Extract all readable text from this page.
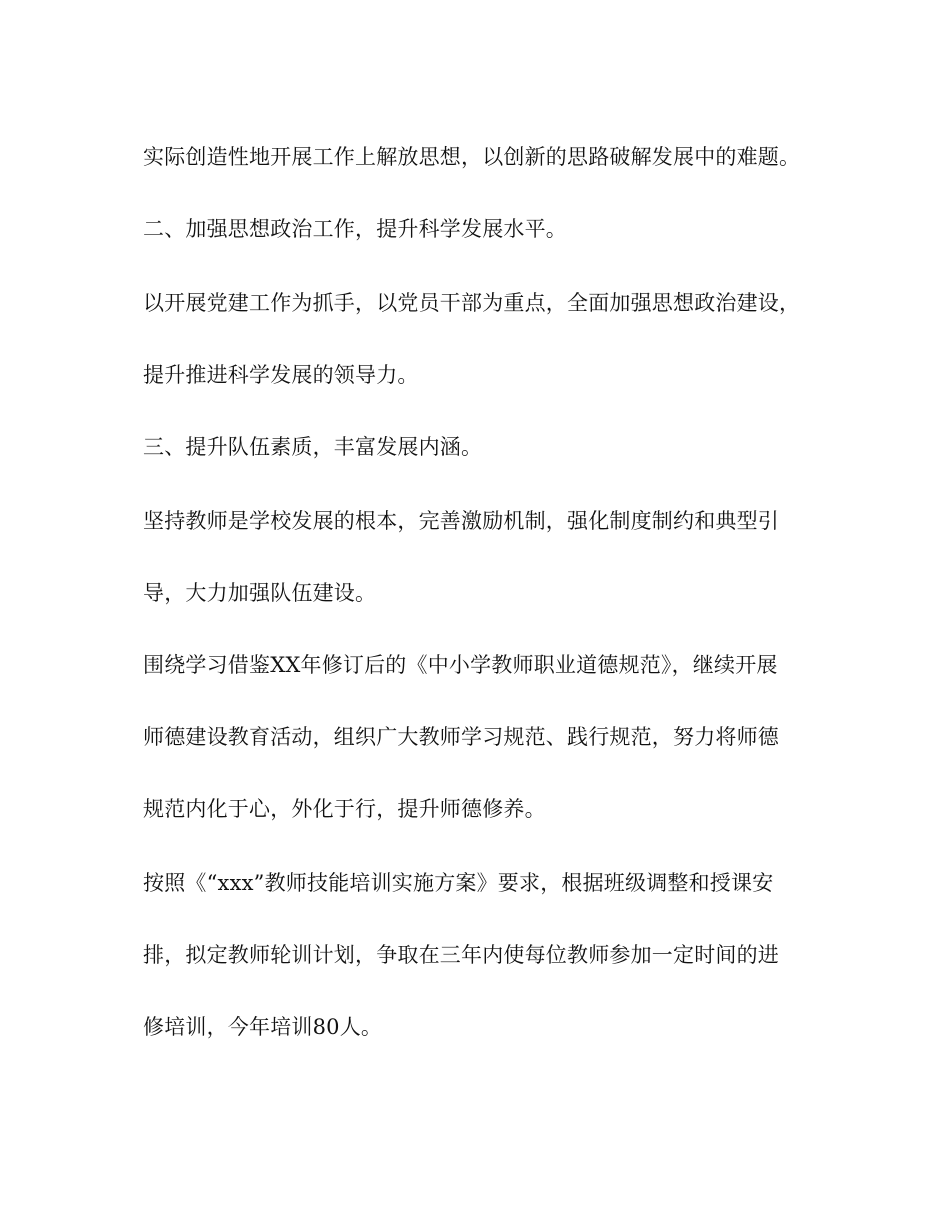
实际创造性地开展工作上解放思想，以创新的思路破解发展中的难题。
二、加强思想政治工作，提升科学发展水平。
以开展党建工作为抓手，以党员干部为重点，全面加强思想政治建设，
提升推进科学发展的领导力。
三、提升队伍素质，丰富发展内涵。
坚持教师是学校发展的根本，完善激励机制，强化制度制约和典型引
导，大力加强队伍建设。
围绕学习借鉴XX年修订后的《中小学教师职业道德规范》，继续开展
师德建设教育活动，组织广大教师学习规范、践行规范，努力将师德
规范内化于心，外化于行，提升师德修养。
按照《“xxx”教师技能培训实施方案》要求，根据班级调整和授课安
排，拟定教师轮训计划，争取在三年内使每位教师参加一定时间的进
修培训，今年培训80人。
